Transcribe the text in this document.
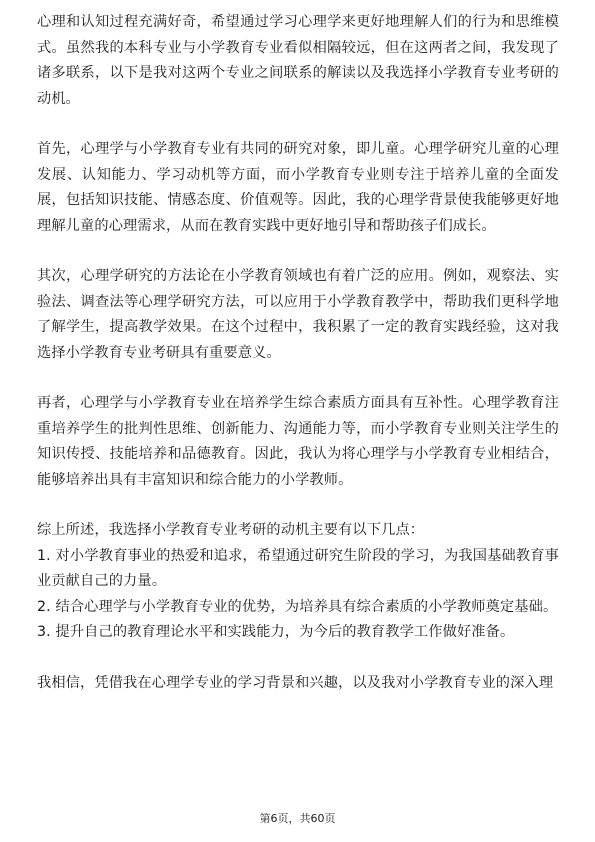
心理和认知过程充满好奇，希望通过学习心理学来更好地理解人们的行为和思维模式。虽然我的本科专业与小学教育专业看似相隔较远，但在这两者之间，我发现了诸多联系，以下是我对这两个专业之间联系的解读以及我选择小学教育专业考研的动机。

首先，心理学与小学教育专业有共同的研究对象，即儿童。心理学研究儿童的心理发展、认知能力、学习动机等方面，而小学教育专业则专注于培养儿童的全面发展，包括知识技能、情感态度、价值观等。因此，我的心理学背景使我能够更好地理解儿童的心理需求，从而在教育实践中更好地引导和帮助孩子们成长。

其次，心理学研究的方法论在小学教育领域也有着广泛的应用。例如，观察法、实验法、调查法等心理学研究方法，可以应用于小学教育教学中，帮助我们更科学地了解学生，提高教学效果。在这个过程中，我积累了一定的教育实践经验，这对我选择小学教育专业考研具有重要意义。

再者，心理学与小学教育专业在培养学生综合素质方面具有互补性。心理学教育注重培养学生的批判性思维、创新能力、沟通能力等，而小学教育专业则关注学生的知识传授、技能培养和品德教育。因此，我认为将心理学与小学教育专业相结合，能够培养出具有丰富知识和综合能力的小学教师。

综上所述，我选择小学教育专业考研的动机主要有以下几点：

1. 对小学教育事业的热爱和追求，希望通过研究生阶段的学习，为我国基础教育事业贡献自己的力量。

2. 结合心理学与小学教育专业的优势，为培养具有综合素质的小学教师奠定基础。

3. 提升自己的教育理论水平和实践能力，为今后的教育教学工作做好准备。

我相信，凭借我在心理学专业的学习背景和兴趣，以及我对小学教育专业的深入理

第6页，共60页
